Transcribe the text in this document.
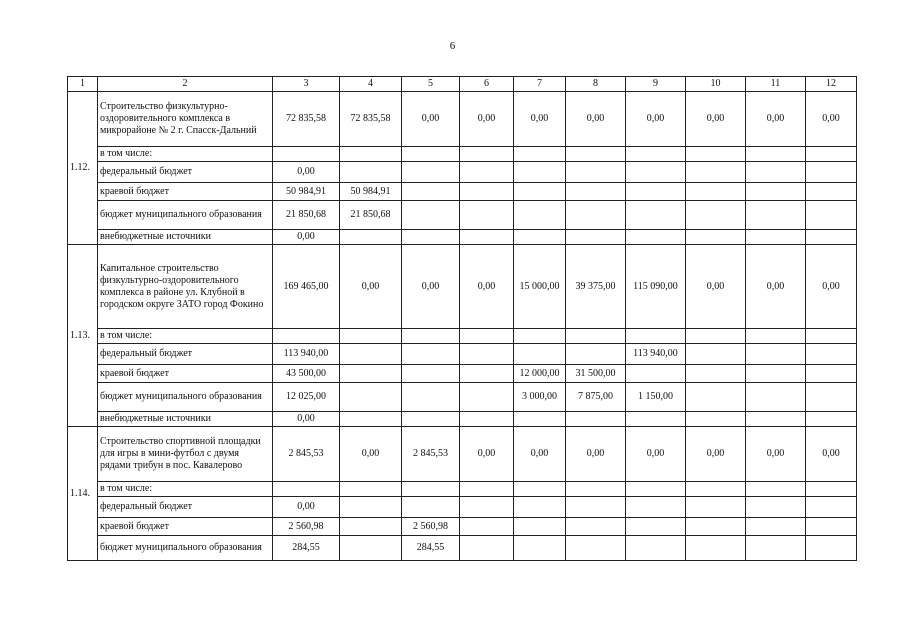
6
1	2	3	4	5	6	7	8	9	10	11	12
1.12.	Строительство физкультурно-оздоровительного комплекса в микрорайоне № 2 г. Спасск-Дальний	72 835,58	72 835,58	0,00	0,00	0,00	0,00	0,00	0,00	0,00	0,00
	в том числе:										
	федеральный бюджет	0,00									
	краевой бюджет	50 984,91	50 984,91								
	бюджет муниципального образования	21 850,68	21 850,68								
	внебюджетные источники	0,00									
1.13.	Капитальное строительство физкультурно-оздоровительного комплекса в районе ул. Клубной в городском округе ЗАТО город Фокино	169 465,00	0,00	0,00	0,00	15 000,00	39 375,00	115 090,00	0,00	0,00	0,00
	в том числе:										
	федеральный бюджет	113 940,00						113 940,00			
	краевой бюджет	43 500,00				12 000,00	31 500,00				
	бюджет муниципального образования	12 025,00				3 000,00	7 875,00	1 150,00			
	внебюджетные источники	0,00									
1.14.	Строительство спортивной площадки для игры в мини-футбол с двумя рядами трибун в пос. Кавалерово	2 845,53	0,00	2 845,53	0,00	0,00	0,00	0,00	0,00	0,00	0,00
	в том числе:										
	федеральный бюджет	0,00									
	краевой бюджет	2 560,98		2 560,98							
	бюджет муниципального образования	284,55		284,55							
